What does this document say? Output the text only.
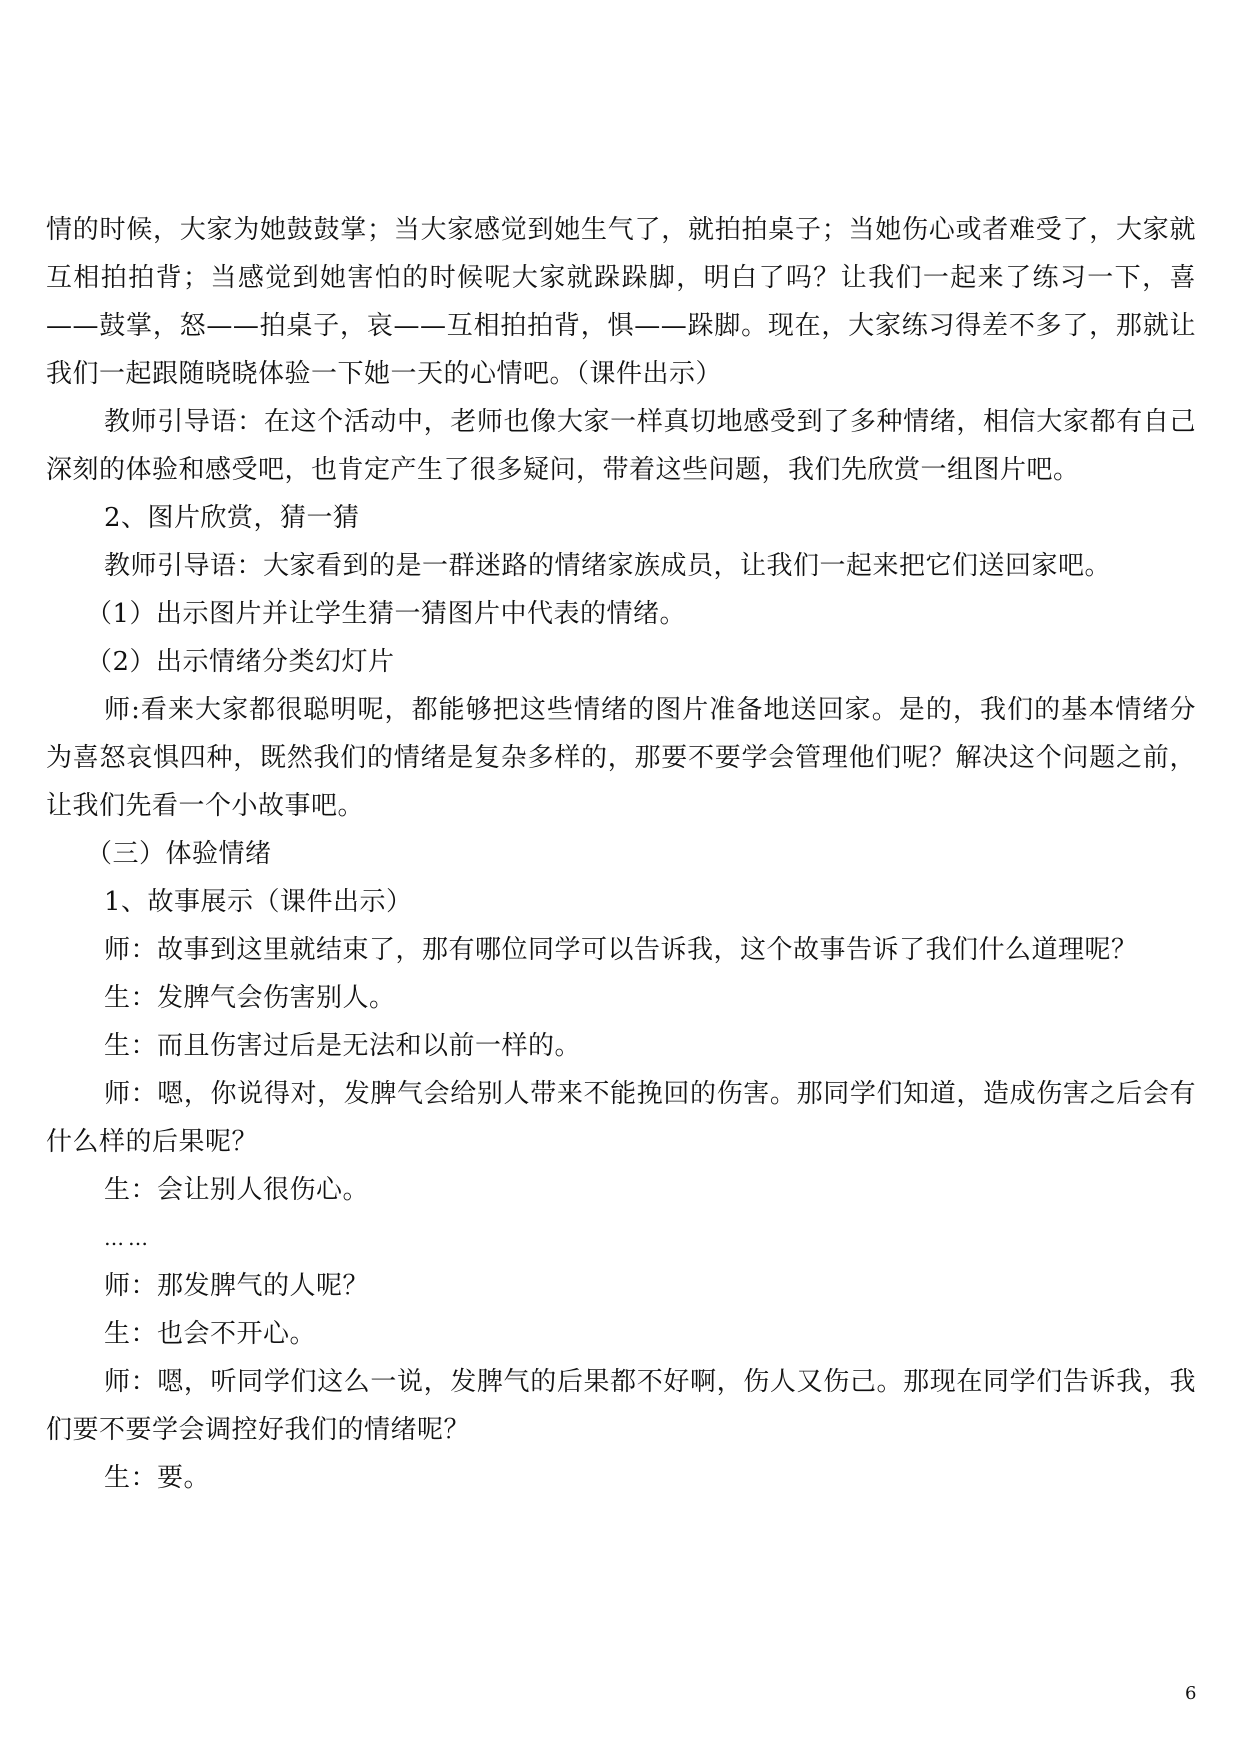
情的时候，大家为她鼓鼓掌；当大家感觉到她生气了，就拍拍桌子；当她伤心或者难受了，大家就互相拍拍背；当感觉到她害怕的时候呢大家就跺跺脚，明白了吗？让我们一起来了练习一下，喜——鼓掌，怒——拍桌子，哀——互相拍拍背，惧——跺脚。现在，大家练习得差不多了，那就让我们一起跟随晓晓体验一下她一天的心情吧。（课件出示）

教师引导语：在这个活动中，老师也像大家一样真切地感受到了多种情绪，相信大家都有自己深刻的体验和感受吧，也肯定产生了很多疑问，带着这些问题，我们先欣赏一组图片吧。

2、图片欣赏，猜一猜

教师引导语：大家看到的是一群迷路的情绪家族成员，让我们一起来把它们送回家吧。

（1）出示图片并让学生猜一猜图片中代表的情绪。

（2）出示情绪分类幻灯片

师:看来大家都很聪明呢，都能够把这些情绪的图片准备地送回家。是的，我们的基本情绪分为喜怒哀惧四种，既然我们的情绪是复杂多样的，那要不要学会管理他们呢？解决这个问题之前，让我们先看一个小故事吧。

（三）体验情绪

1、故事展示（课件出示）

师：故事到这里就结束了，那有哪位同学可以告诉我，这个故事告诉了我们什么道理呢？

生：发脾气会伤害别人。

生：而且伤害过后是无法和以前一样的。

师：嗯，你说得对，发脾气会给别人带来不能挽回的伤害。那同学们知道，造成伤害之后会有什么样的后果呢？

生：会让别人很伤心。

……

师：那发脾气的人呢？

生：也会不开心。

师：嗯，听同学们这么一说，发脾气的后果都不好啊，伤人又伤己。那现在同学们告诉我，我们要不要学会调控好我们的情绪呢？

生：要。

6
